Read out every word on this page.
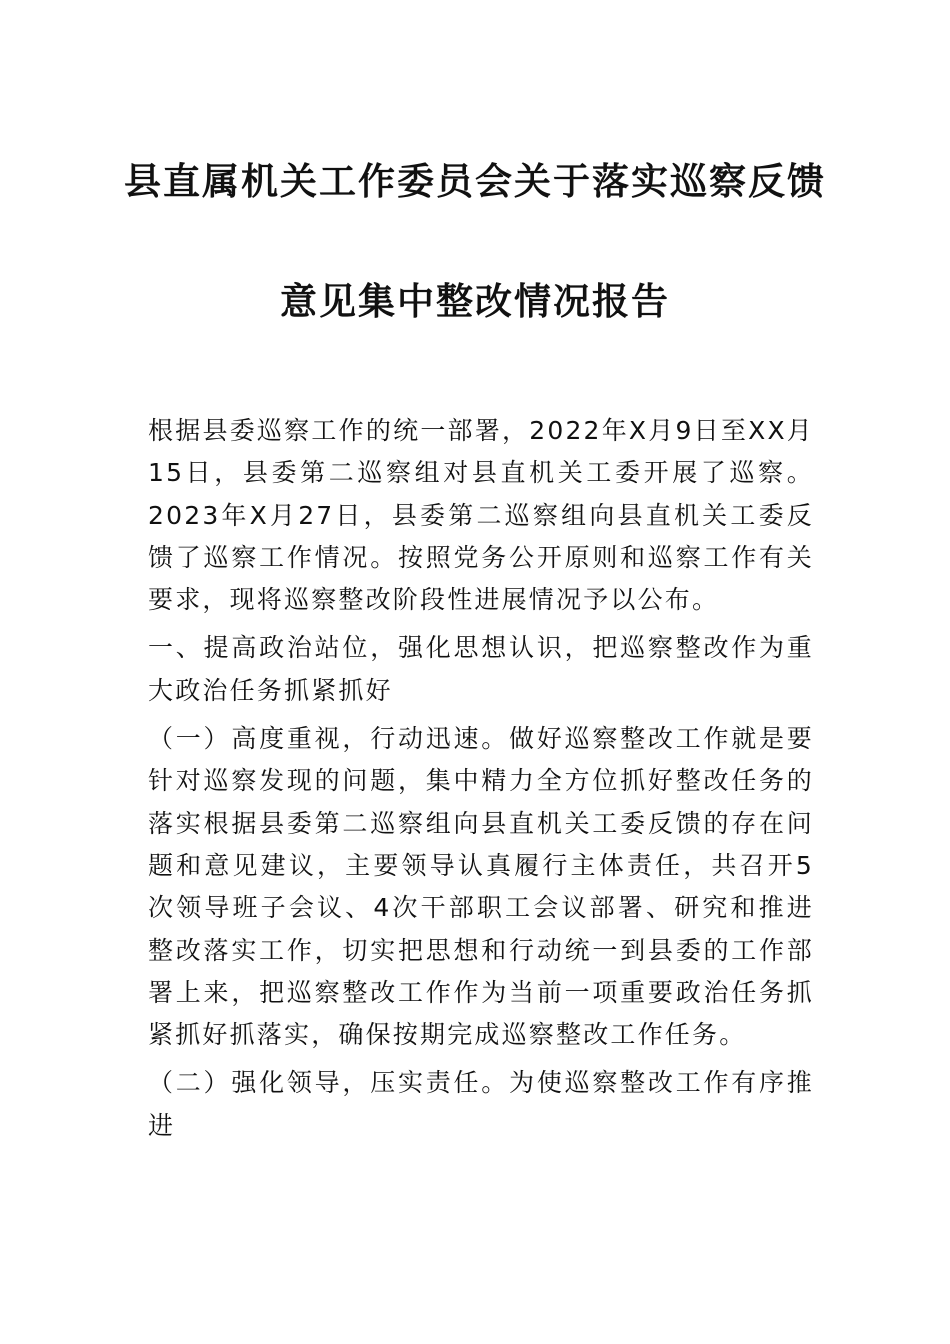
县直属机关工作委员会关于落实巡察反馈
意见集中整改情况报告

根据县委巡察工作的统一部署，2022年X月9日至XX月15日，县委第二巡察组对县直机关工委开展了巡察。2023年X月27日，县委第二巡察组向县直机关工委反馈了巡察工作情况。按照党务公开原则和巡察工作有关要求，现将巡察整改阶段性进展情况予以公布。

一、提高政治站位，强化思想认识，把巡察整改作为重大政治任务抓紧抓好

（一）高度重视，行动迅速。做好巡察整改工作就是要针对巡察发现的问题，集中精力全方位抓好整改任务的落实根据县委第二巡察组向县直机关工委反馈的存在问题和意见建议，主要领导认真履行主体责任，共召开5次领导班子会议、4次干部职工会议部署、研究和推进整改落实工作，切实把思想和行动统一到县委的工作部署上来，把巡察整改工作作为当前一项重要政治任务抓紧抓好抓落实，确保按期完成巡察整改工作任务。

（二）强化领导，压实责任。为使巡察整改工作有序推进
